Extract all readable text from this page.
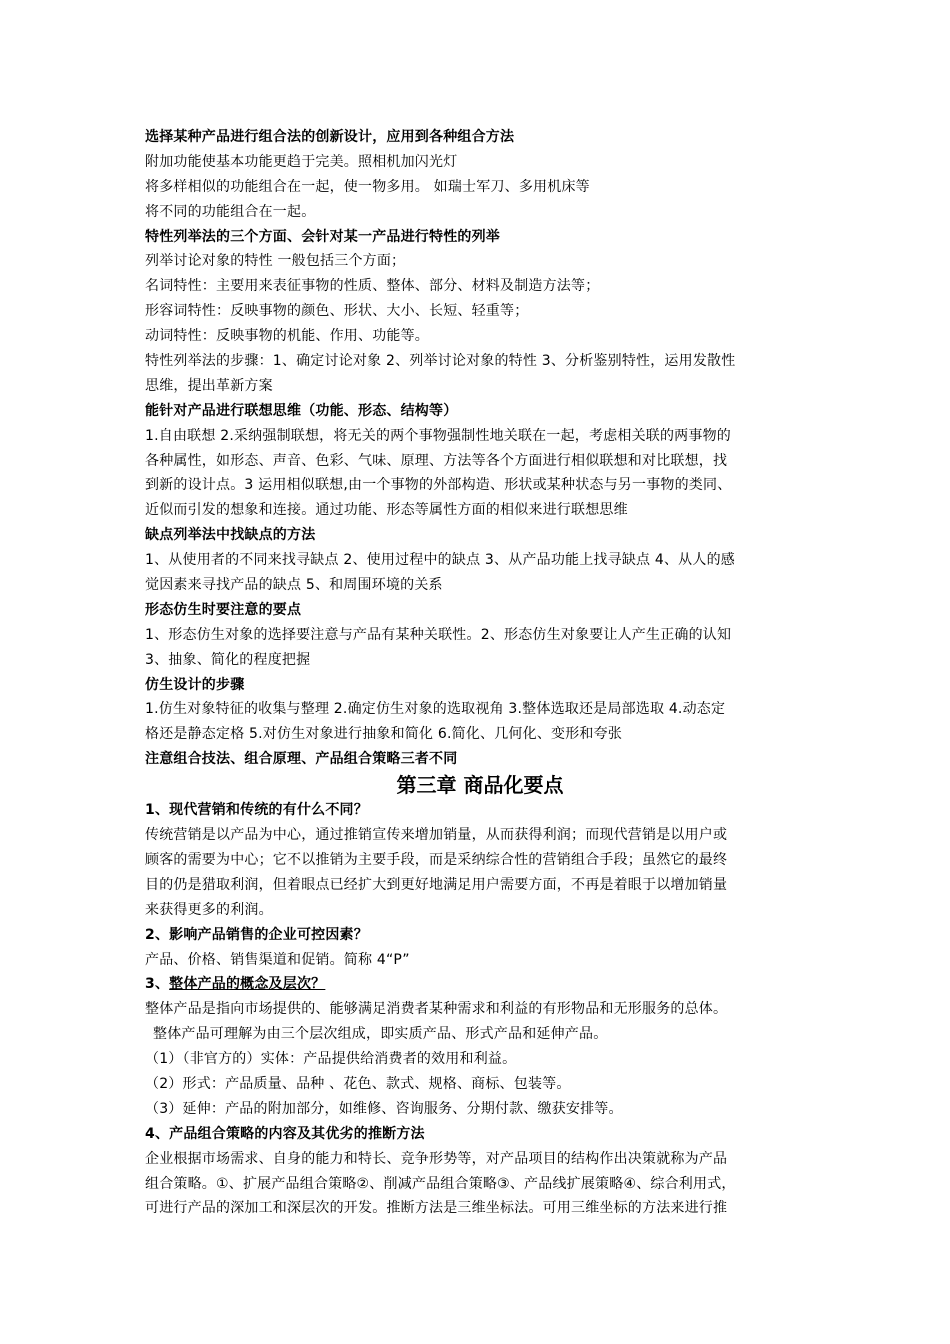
选择某种产品进行组合法的创新设计，应用到各种组合方法
附加功能使基本功能更趋于完美。照相机加闪光灯
将多样相似的功能组合在一起，使一物多用。 如瑞士军刀、多用机床等
将不同的功能组合在一起。
特性列举法的三个方面、会针对某一产品进行特性的列举
列举讨论对象的特性 一般包括三个方面；
名词特性：主要用来表征事物的性质、整体、部分、材料及制造方法等；
形容词特性：反映事物的颜色、形状、大小、长短、轻重等；
动词特性：反映事物的机能、作用、功能等。
特性列举法的步骤：1、确定讨论对象 2、列举讨论对象的特性 3、分析鉴别特性，运用发散性
思维，提出革新方案
能针对产品进行联想思维（功能、形态、结构等）
1.自由联想 2.采纳强制联想，将无关的两个事物强制性地关联在一起，考虑相关联的两事物的
各种属性，如形态、声音、色彩、气味、原理、方法等各个方面进行相似联想和对比联想，找
到新的设计点。3 运用相似联想,由一个事物的外部构造、形状或某种状态与另一事物的类同、
近似而引发的想象和连接。通过功能、形态等属性方面的相似来进行联想思维
缺点列举法中找缺点的方法
1、从使用者的不同来找寻缺点 2、使用过程中的缺点 3、从产品功能上找寻缺点 4、从人的感
觉因素来寻找产品的缺点 5、和周围环境的关系
形态仿生时要注意的要点
1、形态仿生对象的选择要注意与产品有某种关联性。2、形态仿生对象要让人产生正确的认知
3、抽象、简化的程度把握
仿生设计的步骤
1.仿生对象特征的收集与整理 2.确定仿生对象的选取视角 3.整体选取还是局部选取 4.动态定
格还是静态定格 5.对仿生对象进行抽象和简化 6.简化、几何化、变形和夸张
注意组合技法、组合原理、产品组合策略三者不同
第三章 商品化要点
1、现代营销和传统的有什么不同？
传统营销是以产品为中心，通过推销宣传来增加销量，从而获得利润；而现代营销是以用户或
顾客的需要为中心；它不以推销为主要手段，而是采纳综合性的营销组合手段；虽然它的最终
目的仍是猎取利润，但着眼点已经扩大到更好地满足用户需要方面，不再是着眼于以增加销量
来获得更多的利润。
2、影响产品销售的企业可控因素？
产品、价格、销售渠道和促销。简称 4“P”
3、整体产品的概念及层次？
整体产品是指向市场提供的、能够满足消费者某种需求和利益的有形物品和无形服务的总体。
整体产品可理解为由三个层次组成，即实质产品、形式产品和延伸产品。
（1）（非官方的）实体：产品提供给消费者的效用和利益。
（2）形式：产品质量、品种 、花色、款式、规格、商标、包装等。
（3）延伸：产品的附加部分，如维修、咨询服务、分期付款、缴获安排等。
4、产品组合策略的内容及其优劣的推断方法
企业根据市场需求、自身的能力和特长、竞争形势等，对产品项目的结构作出决策就称为产品
组合策略。①、扩展产品组合策略②、削减产品组合策略③、产品线扩展策略④、综合利用式，
可进行产品的深加工和深层次的开发。推断方法是三维坐标法。可用三维坐标的方法来进行推
